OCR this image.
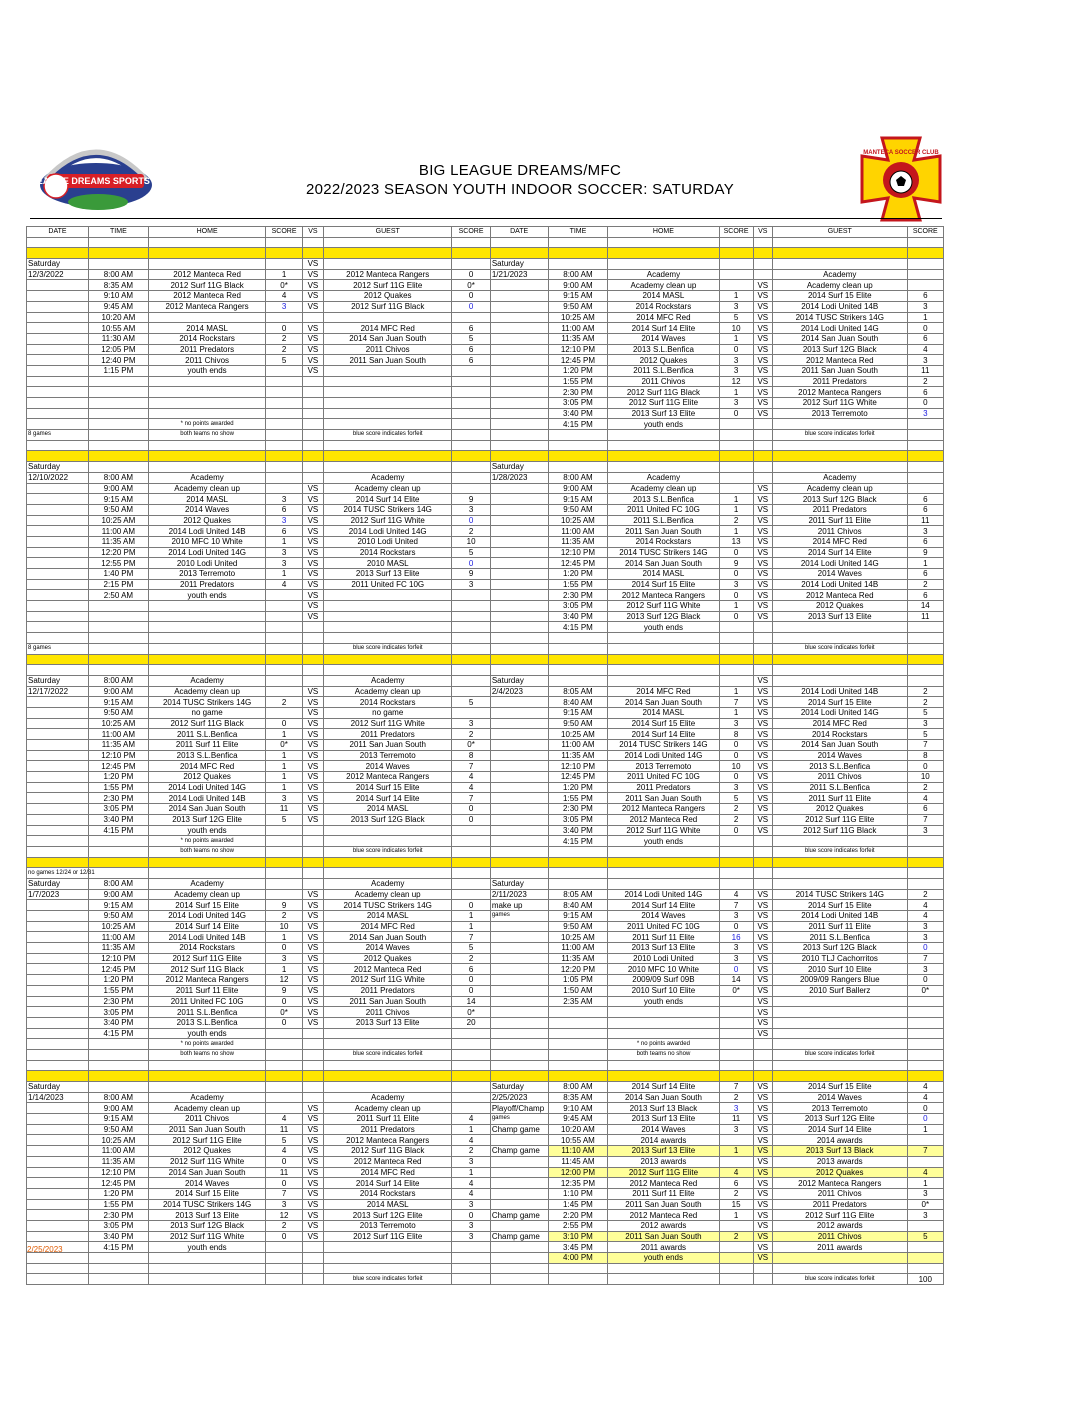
BIG LEAGUE DREAMS SPORTS PARKS
BIG LEAGUE DREAMS/MFC
2022/2023 SEASON YOUTH INDOOR SOCCER: SATURDAY
MANTECA SOCCER CLUB
DATE	TIME	HOME	SCORE	VS	GUEST	SCORE	DATE	TIME	HOME	SCORE	VS	GUEST	SCORE

Saturday				VS			Saturday						
12/3/2022	8:00 AM	2012 Manteca Red	1	VS	2012 Manteca Rangers	0	1/21/2023	8:00 AM	Academy			Academy	
	8:35 AM	2012 Surf 11G Black	0*	VS	2012 Surf 11G Elite	0*		9:00 AM	Academy clean up		VS	Academy clean up	
	9:10 AM	2012 Manteca Red	4	VS	2012 Quakes	0		9:15 AM	2014 MASL	1	VS	2014 Surf 15 Elite	6
	9:45 AM	2012 Manteca Rangers	3	VS	2012 Surf 11G Black	0		9:50 AM	2014 Rockstars	3	VS	2014 Lodi United 14B	3
	10:20 AM							10:25 AM	2014 MFC Red	5	VS	2014 TUSC Strikers 14G	1
	10:55 AM	2014 MASL	0	VS	2014 MFC Red	6		11:00 AM	2014 Surf 14 Elite	10	VS	2014 Lodi United 14G	0
	11:30 AM	2014 Rockstars	2	VS	2014 San Juan South	5		11:35 AM	2014 Waves	1	VS	2014 San Juan South	6
	12:05 PM	2011 Predators	2	VS	2011 Chivos	6		12:10 PM	2013 S.L.Benfica	0	VS	2013 Surf 12G Black	4
	12:40 PM	2011 Chivos	5	VS	2011 San Juan South	6		12:45 PM	2012 Quakes	3	VS	2012 Manteca Red	3
	1:15 PM	youth ends		VS				1:20 PM	2011 S.L.Benfica	3	VS	2011 San Juan South	11
								1:55 PM	2011 Chivos	12	VS	2011 Predators	2
								2:30 PM	2012 Surf 11G Black	1	VS	2012 Manteca Rangers	6
								3:05 PM	2012 Surf 11G Elite	3	VS	2012 Surf 11G White	0
								3:40 PM	2013 Surf 13 Elite	0	VS	2013 Terremoto	3
		* no points awarded						4:15 PM	youth ends				
8 games		both teams no show			blue score indicates forfeit							blue score indicates forfeit	

Saturday							Saturday						
12/10/2022	8:00 AM	Academy			Academy		1/28/2023	8:00 AM	Academy			Academy	
	9:00 AM	Academy clean up		VS	Academy clean up			9:00 AM	Academy clean up		VS	Academy clean up	
	9:15 AM	2014 MASL	3	VS	2014 Surf 14 Elite	9		9:15 AM	2013 S.L.Benfica	1	VS	2013 Surf 12G Black	6
	9:50 AM	2014 Waves	6	VS	2014 TUSC Strikers 14G	3		9:50 AM	2011 United FC 10G	1	VS	2011 Predators	6
	10:25 AM	2012 Quakes	3	VS	2012 Surf 11G White	0		10:25 AM	2011 S.L.Benfica	2	VS	2011 Surf 11 Elite	11
	11:00 AM	2014 Lodi United 14B	6	VS	2014 Lodi United 14G	2		11:00 AM	2011 San Juan South	1	VS	2011 Chivos	3
	11:35 AM	2010 MFC 10 White	1	VS	2010 Lodi United	10		11:35 AM	2014 Rockstars	13	VS	2014 MFC Red	6
	12:20 PM	2014 Lodi United 14G	3	VS	2014 Rockstars	5		12:10 PM	2014 TUSC Strikers 14G	0	VS	2014 Surf 14 Elite	9
	12:55 PM	2010 Lodi United	3	VS	2010 MASL	0		12:45 PM	2014 San Juan South	9	VS	2014 Lodi United 14G	1
	1:40 PM	2013 Terremoto	1	VS	2013 Surf 13 Elite	9		1:20 PM	2014 MASL	0	VS	2014 Waves	6
	2:15 PM	2011 Predators	4	VS	2011 United FC 10G	3		1:55 PM	2014 Surf 15 Elite	3	VS	2014 Lodi United 14B	2
	2:50 AM	youth ends		VS				2:30 PM	2012 Manteca Rangers	0	VS	2012 Manteca Red	6
				VS				3:05 PM	2012 Surf 11G White	1	VS	2012 Quakes	14
				VS				3:40 PM	2013 Surf 12G Black	0	VS	2013 Surf 13 Elite	11
								4:15 PM	youth ends				

8 games					blue score indicates forfeit							blue score indicates forfeit	

Saturday	8:00 AM	Academy			Academy		Saturday				VS		
12/17/2022	9:00 AM	Academy clean up		VS	Academy clean up		2/4/2023	8:05 AM	2014 MFC Red	1	VS	2014 Lodi United 14B	2
	9:15 AM	2014 TUSC Strikers 14G	2	VS	2014 Rockstars	5		8:40 AM	2014 San Juan South	7	VS	2014 Surf 15 Elite	2
	9:50 AM	no game		VS	no game			9:15 AM	2014 MASL	1	VS	2014 Lodi United 14G	5
	10:25 AM	2012 Surf 11G Black	0	VS	2012 Surf 11G White	3		9:50 AM	2014 Surf 15 Elite	3	VS	2014 MFC Red	3
	11:00 AM	2011 S.L.Benfica	1	VS	2011 Predators	2		10:25 AM	2014 Surf 14 Elite	8	VS	2014 Rockstars	5
	11:35 AM	2011 Surf 11 Elite	0*	VS	2011 San Juan South	0*		11:00 AM	2014 TUSC Strikers 14G	0	VS	2014 San Juan South	7
	12:10 PM	2013 S.L.Benfica	1	VS	2013 Terremoto	8		11:35 AM	2014 Lodi United 14G	0	VS	2014 Waves	8
	12:45 PM	2014 MFC Red	1	VS	2014 Waves	7		12:10 PM	2013 Terremoto	10	VS	2013 S.L.Benfica	0
	1:20 PM	2012 Quakes	1	VS	2012 Manteca Rangers	4		12:45 PM	2011 United FC 10G	0	VS	2011 Chivos	10
	1:55 PM	2014 Lodi United 14G	1	VS	2014 Surf 15 Elite	4		1:20 PM	2011 Predators	3	VS	2011 S.L.Benfica	2
	2:30 PM	2014 Lodi United 14B	3	VS	2014 Surf 14 Elite	7		1:55 PM	2011 San Juan South	5	VS	2011 Surf 11 Elite	4
	3:05 PM	2014 San Juan South	11	VS	2014 MASL	0		2:30 PM	2012 Manteca Rangers	2	VS	2012 Quakes	6
	3:40 PM	2013 Surf 12G Elite	5	VS	2013 Surf 12G Black	0		3:05 PM	2012 Manteca Red	2	VS	2012 Surf 11G Elite	7
	4:15 PM	youth ends						3:40 PM	2012 Surf 11G White	0	VS	2012 Surf 11G Black	3
		* no points awarded						4:15 PM	youth ends				
		both teams no show			blue score indicates forfeit							blue score indicates forfeit	

no games 12/24 or 12/31													
Saturday	8:00 AM	Academy			Academy		Saturday						
1/7/2023	9:00 AM	Academy clean up		VS	Academy clean up		2/11/2023	8:05 AM	2014 Lodi United 14G	4	VS	2014 TUSC Strikers 14G	2
	9:15 AM	2014 Surf 15 Elite	9	VS	2014 TUSC Strikers 14G	0	make up	8:40 AM	2014 Surf 14 Elite	7	VS	2014 Surf 15 Elite	4
	9:50 AM	2014 Lodi United 14G	2	VS	2014 MASL	1	games	9:15 AM	2014 Waves	3	VS	2014 Lodi United 14B	4
	10:25 AM	2014 Surf 14 Elite	10	VS	2014 MFC Red	1		9:50 AM	2011 United FC 10G	0	VS	2011 Surf 11 Elite	3
	11:00 AM	2014 Lodi United 14B	1	VS	2014 San Juan South	7		10:25 AM	2011 Surf 11 Elite	16	VS	2011 S.L.Benfica	3
	11:35 AM	2014 Rockstars	0	VS	2014 Waves	5		11:00 AM	2013 Surf 13 Elite	3	VS	2013 Surf 12G Black	0
	12:10 PM	2012 Surf 11G Elite	3	VS	2012 Quakes	2		11:35 AM	2010 Lodi United	3	VS	2010 TLJ Cachorritos	7
	12:45 PM	2012 Surf 11G Black	1	VS	2012 Manteca Red	6		12:20 PM	2010 MFC 10 White	0	VS	2010 Surf 10 Elite	3
	1:20 PM	2012 Manteca Rangers	12	VS	2012 Surf 11G White	0		1:05 PM	2009/09 Surf 09B	14	VS	2009/09 Rangers Blue	0
	1:55 PM	2011 Surf 11 Elite	9	VS	2011 Predators	0		1:50 AM	2010 Surf 10 Elite	0*	VS	2010 Surf Ballerz	0*
	2:30 PM	2011 United FC 10G	0	VS	2011 San Juan South	14		2:35 AM	youth ends		VS		
	3:05 PM	2011 S.L.Benfica	0*	VS	2011 Chivos	0*					VS		
	3:40 PM	2013 S.L.Benfica	0	VS	2013 Surf 13 Elite	20					VS		
	4:15 PM	youth ends									VS		
		* no points awarded							* no points awarded				
		both teams no show			blue score indicates forfeit				both teams no show			blue score indicates forfeit	

Saturday							Saturday	8:00 AM	2014 Surf 14 Elite	7	VS	2014 Surf 15 Elite	4
1/14/2023	8:00 AM	Academy			Academy		2/25/2023	8:35 AM	2014 San Juan South	2	VS	2014 Waves	4
	9:00 AM	Academy clean up		VS	Academy clean up		Playoff/Champ	9:10 AM	2013 Surf 13 Black	3	VS	2013 Terremoto	0
	9:15 AM	2011 Chivos	4	VS	2011 Surf 11 Elite	4	games	9:45 AM	2013 Surf 13 Elite	11	VS	2013 Surf 12G Elite	0
	9:50 AM	2011 San Juan South	11	VS	2011 Predators	1	Champ game	10:20 AM	2014 Waves	3	VS	2014 Surf 14 Elite	1
	10:25 AM	2012 Surf 11G Elite	5	VS	2012 Manteca Rangers	4		10:55 AM	2014 awards		VS	2014 awards	
	11:00 AM	2012 Quakes	4	VS	2012 Surf 11G Black	2	Champ game	11:10 AM	2013 Surf 13 Elite	1	VS	2013 Surf 13 Black	7
	11:35 AM	2012 Surf 11G White	0	VS	2012 Manteca Red	3		11:45 AM	2013 awards		VS	2013 awards	
	12:10 PM	2014 San Juan South	11	VS	2014 MFC Red	1		12:00 PM	2012 Surf 11G Elite	4	VS	2012 Quakes	4
	12:45 PM	2014 Waves	0	VS	2014 Surf 14 Elite	4		12:35 PM	2012 Manteca Red	6	VS	2012 Manteca Rangers	1
	1:20 PM	2014 Surf 15 Elite	7	VS	2014 Rockstars	4		1:10 PM	2011 Surf 11 Elite	2	VS	2011 Chivos	3
	1:55 PM	2014 TUSC Strikers 14G	3	VS	2014 MASL	3		1:45 PM	2011 San Juan South	15	VS	2011 Predators	0*
	2:30 PM	2013 Surf 13 Elite	12	VS	2013 Surf 12G Elite	0	Champ game	2:20 PM	2012 Manteca Red	1	VS	2012 Surf 11G Elite	3
	3:05 PM	2013 Surf 12G Black	2	VS	2013 Terremoto	3		2:55 PM	2012 awards		VS	2012 awards	
	3:40 PM	2012 Surf 11G White	0	VS	2012 Surf 11G Elite	3	Champ game	3:10 PM	2011 San Juan South	2	VS	2011 Chivos	5
	4:15 PM	youth ends						3:45 PM	2011 awards		VS	2011 awards	
								4:00 PM	youth ends		VS		

					blue score indicates forfeit							blue score indicates forfeit	100
2/25/2023
